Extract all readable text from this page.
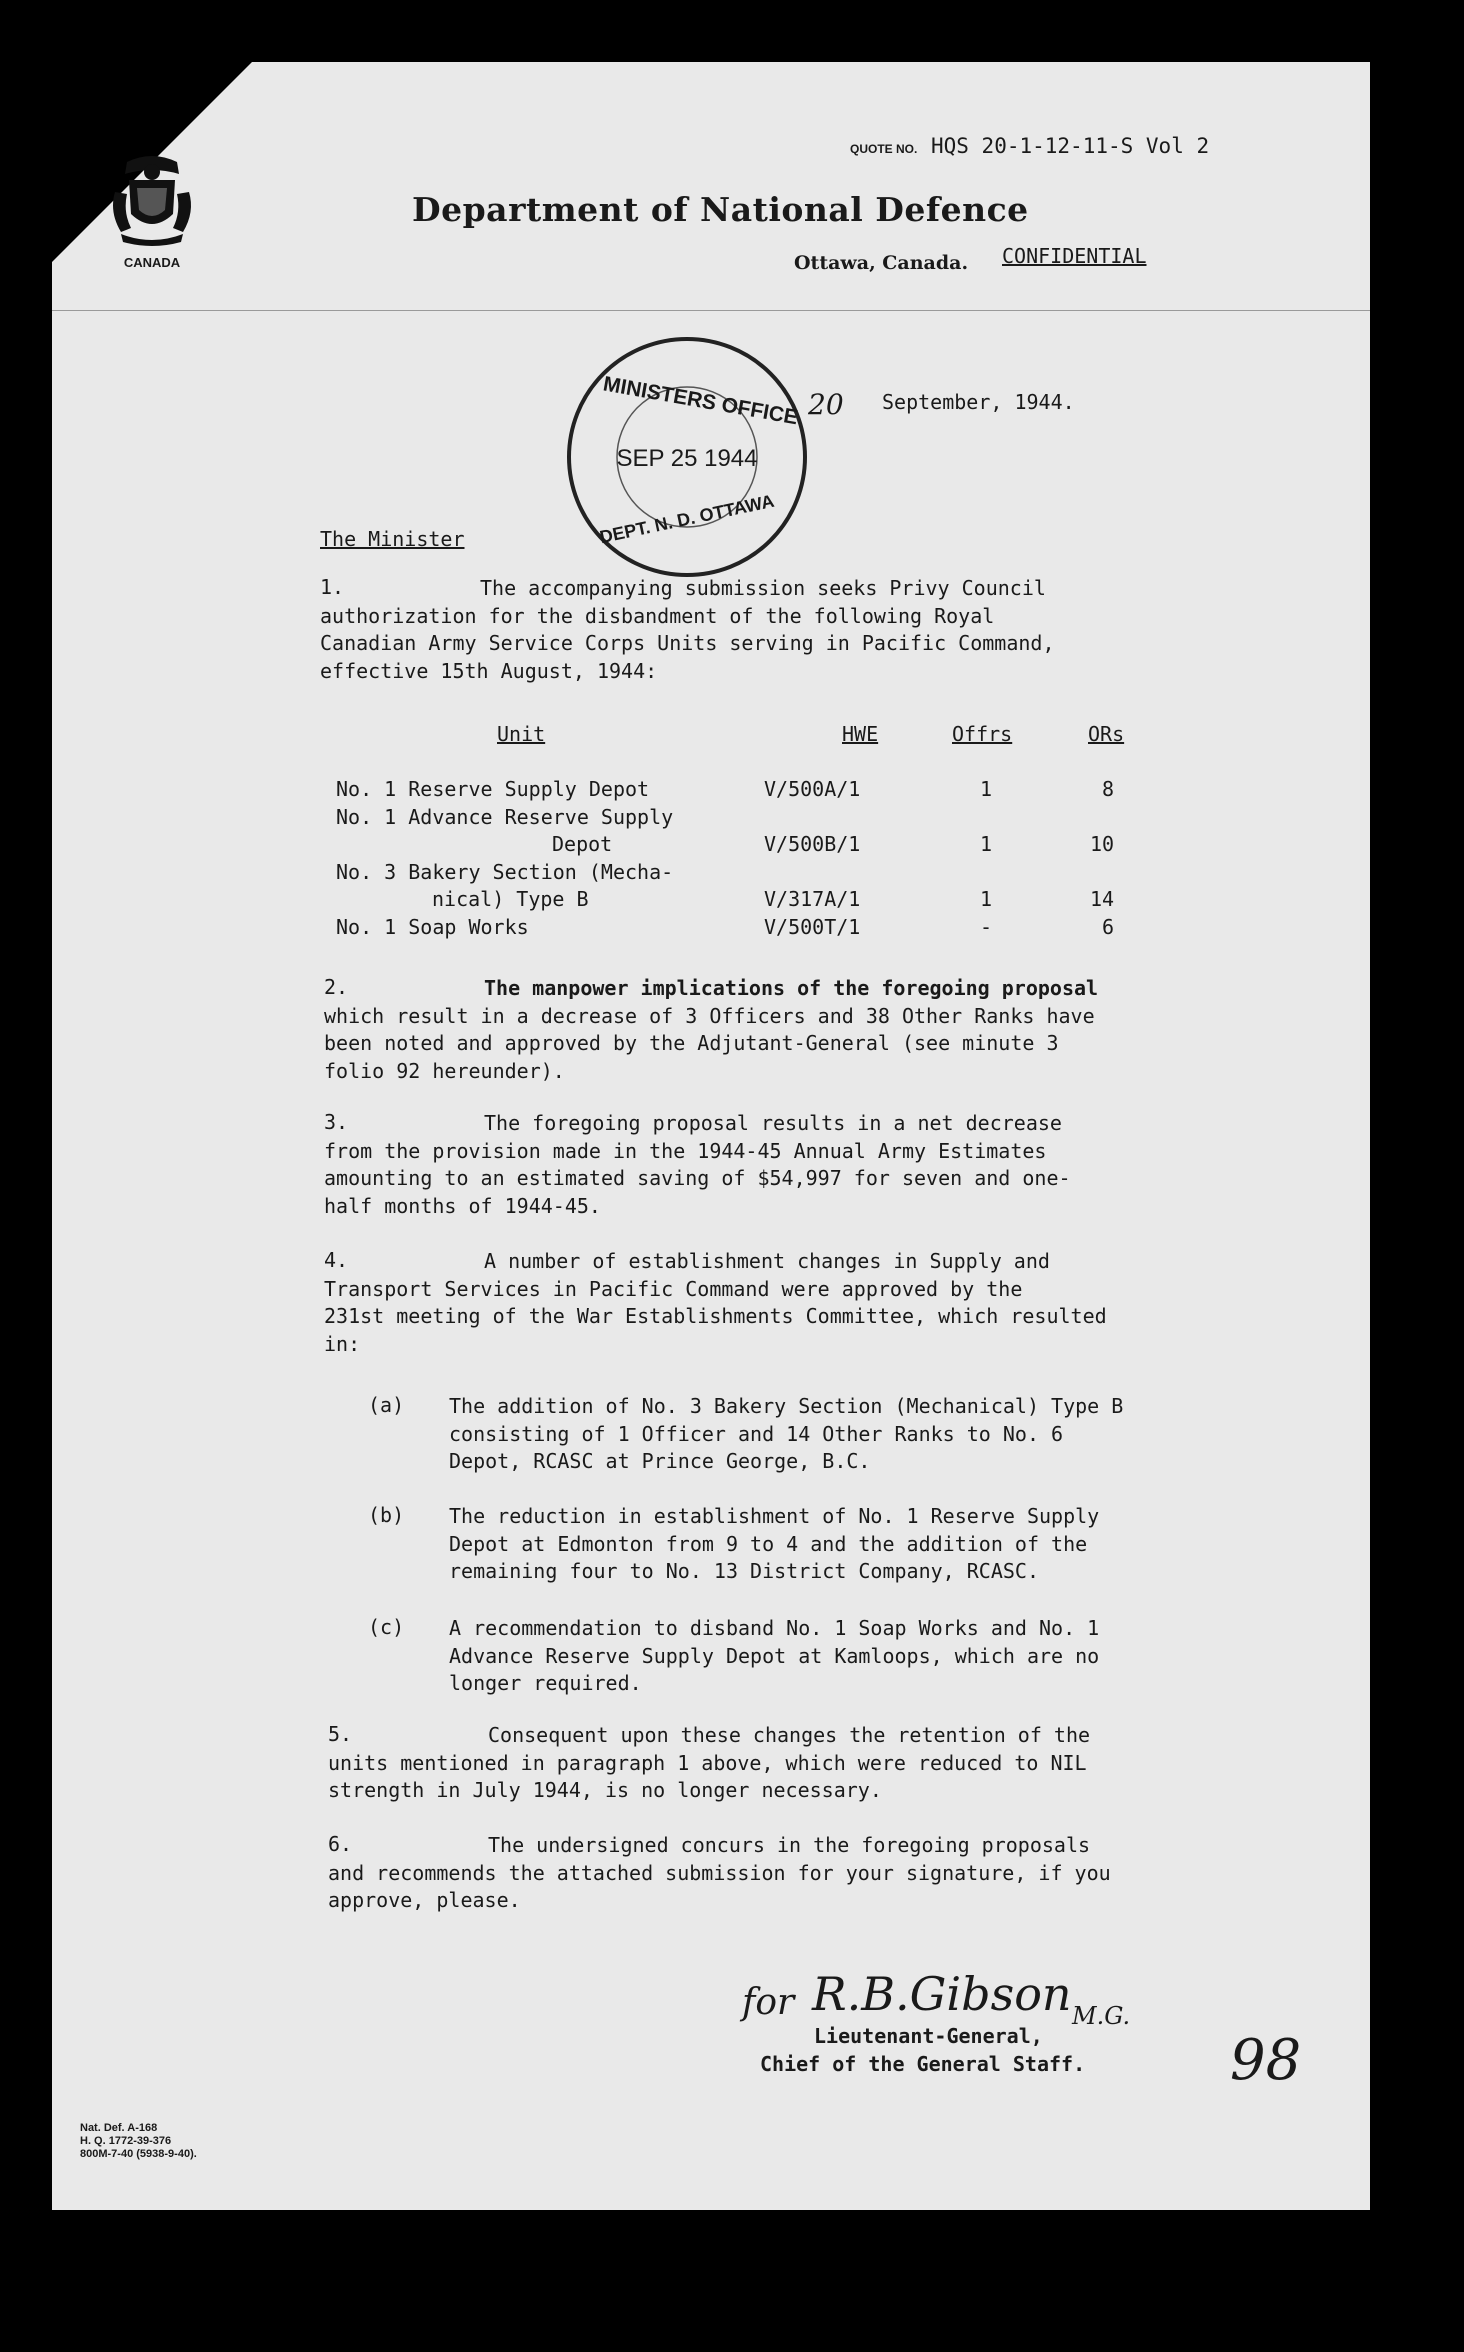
CANADA
QUOTE NO. HQS 20-1-12-11-S Vol 2
Department of National Defence
Ottawa, Canada. CONFIDENTIAL
MINISTERS OFFICE
SEP 25 1944
DEPT. N. D. OTTAWA
20 September, 1944.
The Minister
1.	The accompanying submission seeks Privy Council
authorization for the disbandment of the following Royal
Canadian Army Service Corps Units serving in Pacific Command,
effective 15th August, 1944:
Unit	HWE	Offrs	ORs
No. 1 Reserve Supply Depot	V/500A/1	1	8
No. 1 Advance Reserve Supply
Depot	V/500B/1	1	10
No. 3 Bakery Section (Mecha-
nical) Type B	V/317A/1	1	14
No. 1 Soap Works	V/500T/1	-	6
2.	The manpower implications of the foregoing proposal
which result in a decrease of 3 Officers and 38 Other Ranks have
been noted and approved by the Adjutant-General (see minute 3
folio 92 hereunder).
3.	The foregoing proposal results in a net decrease
from the provision made in the 1944-45 Annual Army Estimates
amounting to an estimated saving of $54,997 for seven and one-
half months of 1944-45.
4.	A number of establishment changes in Supply and
Transport Services in Pacific Command were approved by the
231st meeting of the War Establishments Committee, which resulted
in:
(a) The addition of No. 3 Bakery Section (Mechanical) Type B
consisting of 1 Officer and 14 Other Ranks to No. 6
Depot, RCASC at Prince George, B.C.
(b) The reduction in establishment of No. 1 Reserve Supply
Depot at Edmonton from 9 to 4 and the addition of the
remaining four to No. 13 District Company, RCASC.
(c) A recommendation to disband No. 1 Soap Works and No. 1
Advance Reserve Supply Depot at Kamloops, which are no
longer required.
5.	Consequent upon these changes the retention of the
units mentioned in paragraph 1 above, which were reduced to NIL
strength in July 1944, is no longer necessary.
6.	The undersigned concurs in the foregoing proposals
and recommends the attached submission for your signature, if you
approve, please.
for R.B.Gibson M.G.
Lieutenant-General,
Chief of the General Staff.	98
Nat. Def. A-168
H. Q. 1772-39-376
800M-7-40 (5938-9-40).
